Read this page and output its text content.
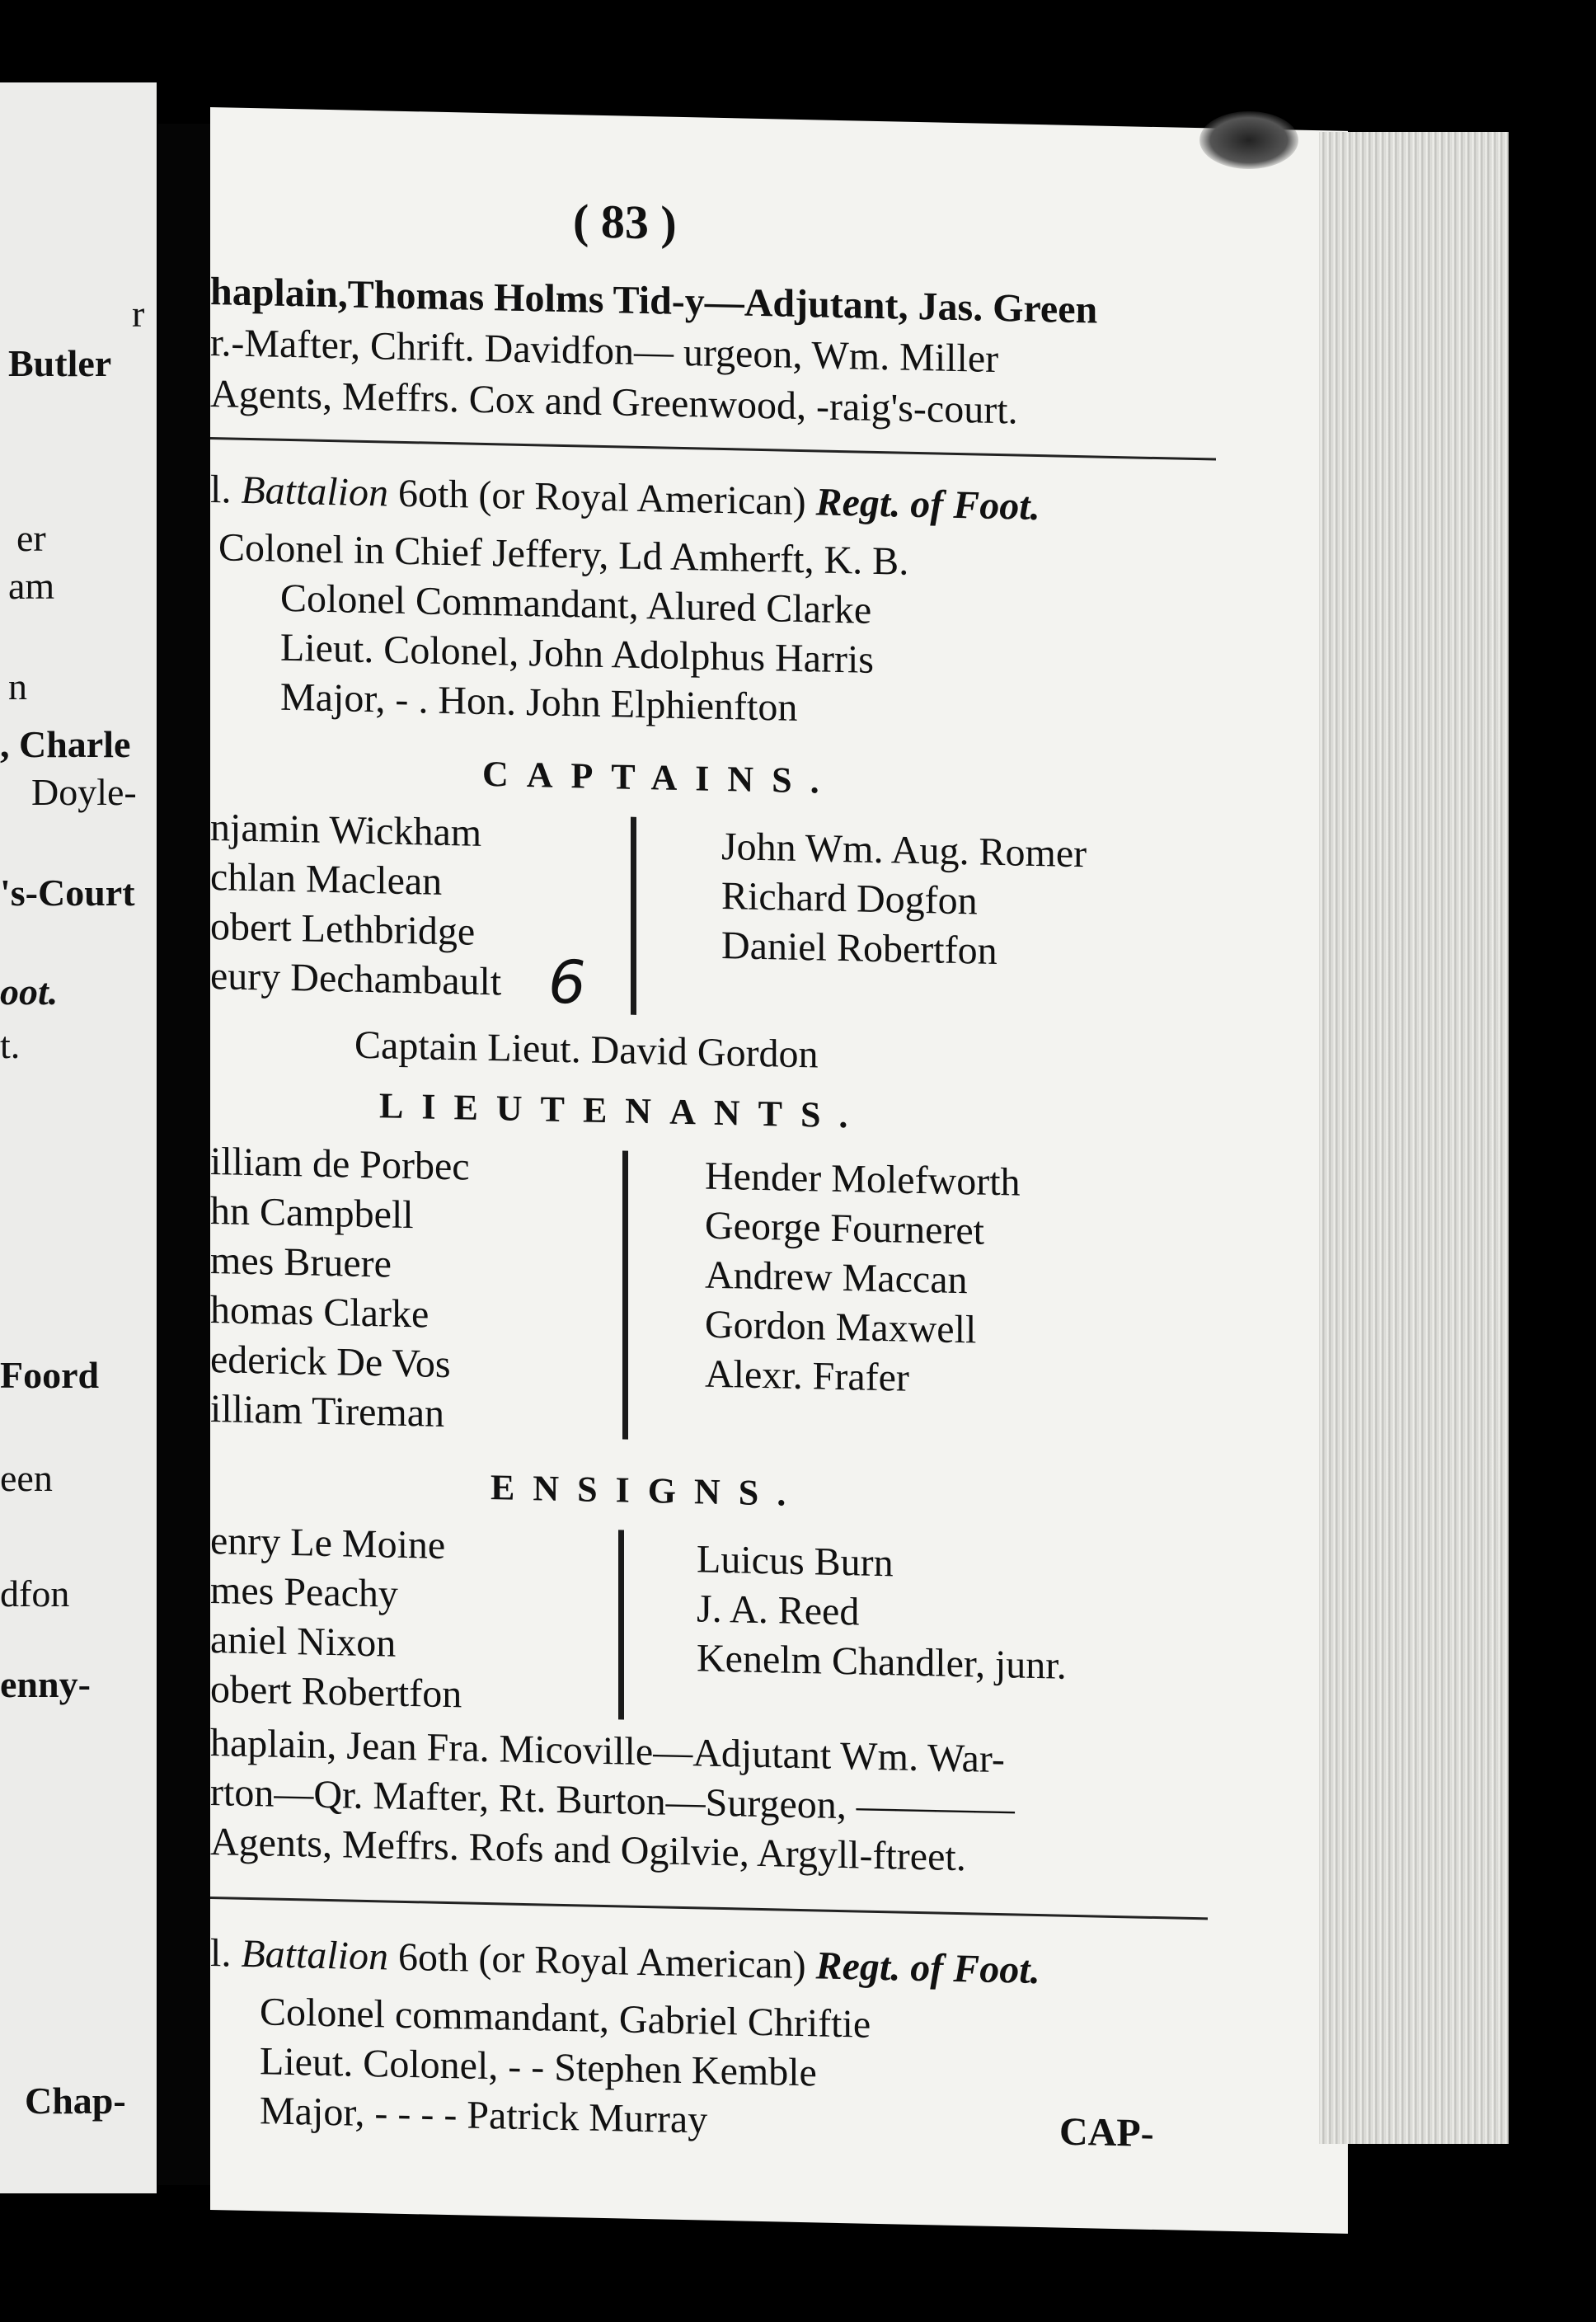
r
Butler
er
am
n
, Charle
Doyle-
's-Court
oot.
t.
Foord
een
dfon
enny-
Chap-
( 83 )
haplain,Thomas Holms Tid-y—Adjutant, Jas. Green
r.-Mafter, Chrift. Davidfon— urgeon, Wm. Miller
Agents, Meffrs. Cox and Greenwood, -raig's-court.
l. Battalion 6oth (or Royal American) Regt. of Foot.
Colonel in Chief Jeffery, Ld Amherft, K. B.
Colonel Commandant, Alured Clarke
Lieut. Colonel, John Adolphus Harris
Major, - . Hon. John Elphienfton
CAPTAINS.
njamin Wickham
chlan Maclean
obert Lethbridge
eury Dechambault 6
John Wm. Aug. Romer
Richard Dogfon
Daniel Robertfon
Captain Lieut. David Gordon
LIEUTENANTS.
illiam de Porbec
hn Campbell
mes Bruere
homas Clarke
ederick De Vos
illiam Tireman
Hender Molefworth
George Fourneret
Andrew Maccan
Gordon Maxwell
Alexr. Frafer
ENSIGNS.
enry Le Moine
mes Peachy
aniel Nixon
obert Robertfon
Luicus Burn
J. A. Reed
Kenelm Chandler, junr.
haplain, Jean Fra. Micoville—Adjutant Wm. War-
rton—Qr. Mafter, Rt. Burton—Surgeon, ————
Agents, Meffrs. Rofs and Ogilvie, Argyll-ftreet.
l. Battalion 6oth (or Royal American) Regt. of Foot.
Colonel commandant, Gabriel Chriftie
Lieut. Colonel, - - Stephen Kemble
Major, - - - - Patrick Murray	CAP-
